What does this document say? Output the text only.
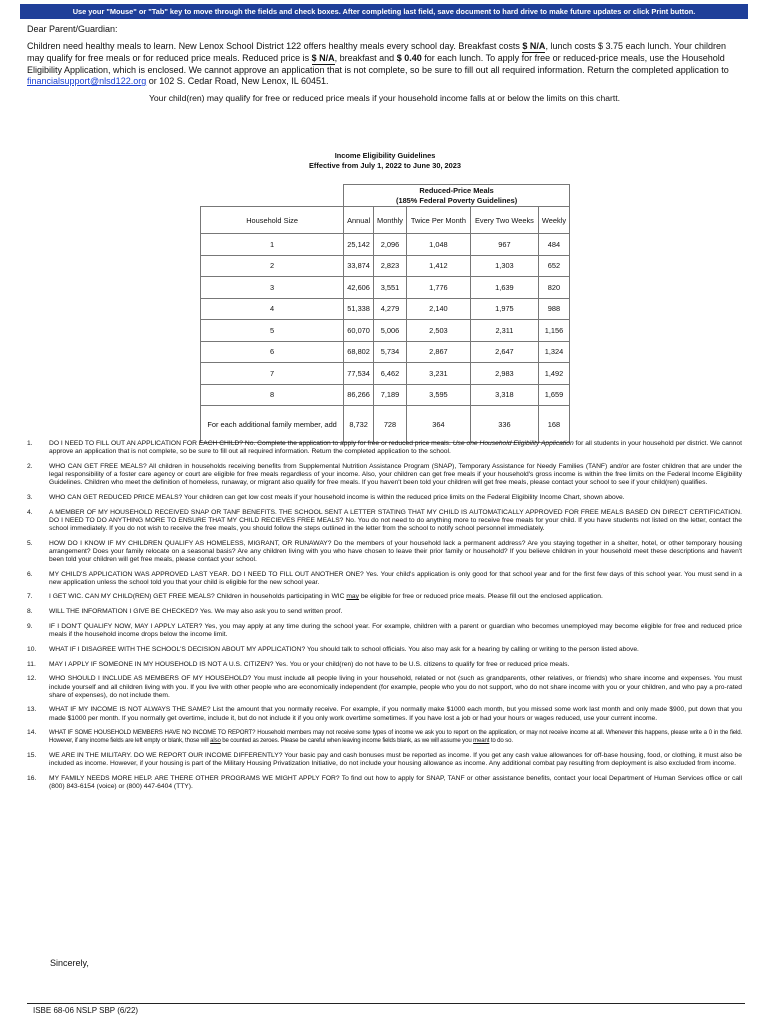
Use your "Mouse" or "Tab" key to move through the fields and check boxes. After completing last field, save document to hard drive to make future updates or click Print button.

Dear Parent/Guardian:

Children need healthy meals to learn. New Lenox School District 122 offers healthy meals every school day. Breakfast costs $ N/A, lunch costs $ 3.75 each lunch. Your children may qualify for free meals or for reduced price meals. Reduced price is $ N/A, breakfast and $ 0.40 for each lunch. To apply for free or reduced-price meals, use the Household Eligibility Application, which is enclosed. We cannot approve an application that is not complete, so be sure to fill out all required information. Return the completed application to financialsupport@nlsd122.org or 102 S. Cedar Road, New Lenox, IL 60451.

Your child(ren) may qualify for free or reduced price meals if your household income falls at or below the limits on this chartt.

Income Eligibility Guidelines
Effective from July 1, 2022 to June 30, 2023

	Reduced-Price Meals
(185% Federal Poverty Guidelines)				

Household Size	Annual	Monthly	Twice Per Month	Every Two Weeks	Weekly
1	25,142	2,096	1,048	967	484
2	33,874	2,823	1,412	1,303	652
3	42,606	3,551	1,776	1,639	820
4	51,338	4,279	2,140	1,975	988
5	60,070	5,006	2,503	2,311	1,156
6	68,802	5,734	2,867	2,647	1,324
7	77,534	6,462	3,231	2,983	1,492
8	86,266	7,189	3,595	3,318	1,659
For each additional family member, add	8,732	728	364	336	168
1.	DO I NEED TO FILL OUT AN APPLICATION FOR EACH CHILD? No. Complete the application to apply for free or reduced price meals. Use one Household Eligibility Application for all students in your household per district. We cannot approve an application that is not complete, so be sure to fill out all required information. Return the completed application to the school.
2.	WHO CAN GET FREE MEALS? All children in households receiving benefits from Supplemental Nutrition Assistance Program (SNAP), Temporary Assistance for Needy Families (TANF) and/or are foster children that are under the legal responsibility of a foster care agency or court are eligible for free meals regardless of your income. Also, your children can get free meals if your household's gross income is within the free limits on the Federal Income Eligibility Guidelines. Children who meet the definition of homeless, runaway, or migrant also qualify for free meals. If you haven't been told your children will get free meals, please contact your school to see if your child(ren) qualifies.
3.	WHO CAN GET REDUCED PRICE MEALS? Your children can get low cost meals if your household income is within the reduced price limits on the Federal Eligibility Income Chart, shown above.
4.	A MEMBER OF MY HOUSEHOLD RECEIVED SNAP OR TANF BENEFITS. THE SCHOOL SENT A LETTER STATING THAT MY CHILD IS AUTOMATICALLY APPROVED FOR FREE MEALS BASED ON DIRECT CERTIFICATION. DO I NEED TO DO ANYTHING MORE TO ENSURE THAT MY CHILD RECIEVES FREE MEALS? No. You do not need to do anything more to receive free meals for your child. If you have students not listed on the letter, contact the school immediately. If you do not wish to receive the free meals, you should follow the steps outlined in the letter from the school to notify school personnel immediately.
5.	HOW DO I KNOW IF MY CHILDREN QUALIFY AS HOMELESS, MIGRANT, OR RUNAWAY? Do the members of your household lack a permanent address? Are you staying together in a shelter, hotel, or other temporary housing arrangement? Does your family relocate on a seasonal basis? Are any children living with you who have chosen to leave their prior family or household? If you believe children in your household meet these descriptions and haven't been told your children will get free meals, please contact your school.
6.	MY CHILD'S APPLICATION WAS APPROVED LAST YEAR. DO I NEED TO FILL OUT ANOTHER ONE? Yes. Your child's application is only good for that school year and for the first few days of this school year. You must send in a new application unless the school told you that your child is eligible for the new school year.
7.	I GET WIC. CAN MY CHILD(REN) GET FREE MEALS? Children in households participating in WIC may be eligible for free or reduced price meals. Please fill out the enclosed application.
8.	WILL THE INFORMATION I GIVE BE CHECKED? Yes. We may also ask you to send written proof.
9.	IF I DON'T QUALIFY NOW, MAY I APPLY LATER? Yes, you may apply at any time during the school year. For example, children with a parent or guardian who becomes unemployed may become eligible for free and reduced price meals if the household income drops below the income limit.
10.	WHAT IF I DISAGREE WITH THE SCHOOL'S DECISION ABOUT MY APPLICATION? You should talk to school officials. You also may ask for a hearing by calling or writing to the person listed above.
11.	MAY I APPLY IF SOMEONE IN MY HOUSEHOLD IS NOT A U.S. CITIZEN? Yes. You or your child(ren) do not have to be U.S. citizens to qualify for free or reduced price meals.
12.	WHO SHOULD I INCLUDE AS MEMBERS OF MY HOUSEHOLD? You must include all people living in your household, related or not (such as grandparents, other relatives, or friends) who share income and expenses. You must include yourself and all children living with you. If you live with other people who are economically independent (for example, people who you do not support, who do not share income with you or your children, and who pay a pro-rated share of expenses), do not include them.
13.	WHAT IF MY INCOME IS NOT ALWAYS THE SAME? List the amount that you normally receive. For example, if you normally make $1000 each month, but you missed some work last month and only made $900, put down that you made $1000 per month. If you normally get overtime, include it, but do not include it if you only work overtime sometimes. If you have lost a job or had your hours or wages reduced, use your current income.
14.	WHAT IF SOME HOUSEHOLD MEMBERS HAVE NO INCOME TO REPORT? Household members may not receive some types of income we ask you to report on the application, or may not receive income at all. Whenever this happens, please write a 0 in the field. However, if any income fields are left empty or blank, those will also be counted as zeroes. Please be careful when leaving income fields blank, as we will assume you meant to do so.
15.	WE ARE IN THE MILITARY. DO WE REPORT OUR INCOME DIFFERENTLY? Your basic pay and cash bonuses must be reported as income. If you get any cash value allowances for off-base housing, food, or clothing, it must also be included as income. However, if your housing is part of the Military Housing Privatization Initiative, do not include your housing allowance as income. Any additional combat pay resulting from deployment is also excluded from income.
16.	MY FAMILY NEEDS MORE HELP. ARE THERE OTHER PROGRAMS WE MIGHT APPLY FOR? To find out how to apply for SNAP, TANF or other assistance benefits, contact your local Department of Human Services office or call (800) 843-6154 (voice) or (800) 447-6404 (TTY).
Sincerely,
ISBE 68-06 NSLP SBP (6/22)
